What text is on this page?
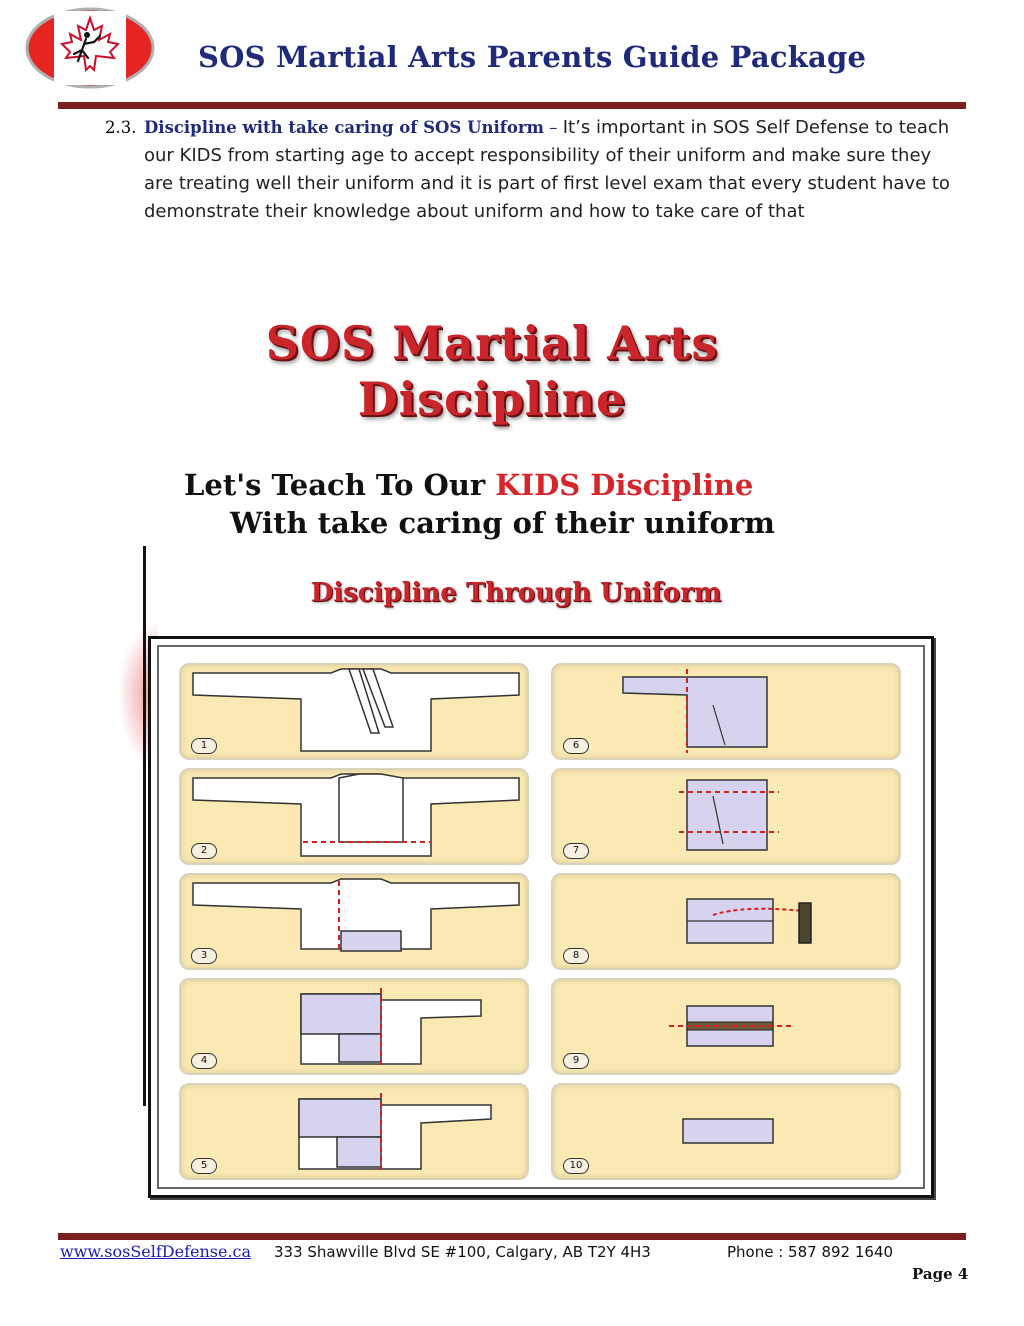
SOS Martial Arts Parents Guide Package
2.3. Discipline with take caring of SOS Uniform – It’s important in SOS Self Defense to teach our KIDS from starting age to accept responsibility of their uniform and make sure they are treating well their uniform and it is part of first level exam that every student have to demonstrate their knowledge about uniform and how to take care of that
SOS Martial Arts
Discipline
Let's Teach To Our KIDS Discipline
With take caring of their uniform
Discipline Through Uniform
1
2
3
4
5
6
7
8
9
10
www.sosSelfDefense.ca 333 Shawville Blvd SE #100, Calgary, AB T2Y 4H3	Phone : 587 892 1640
Page 4
